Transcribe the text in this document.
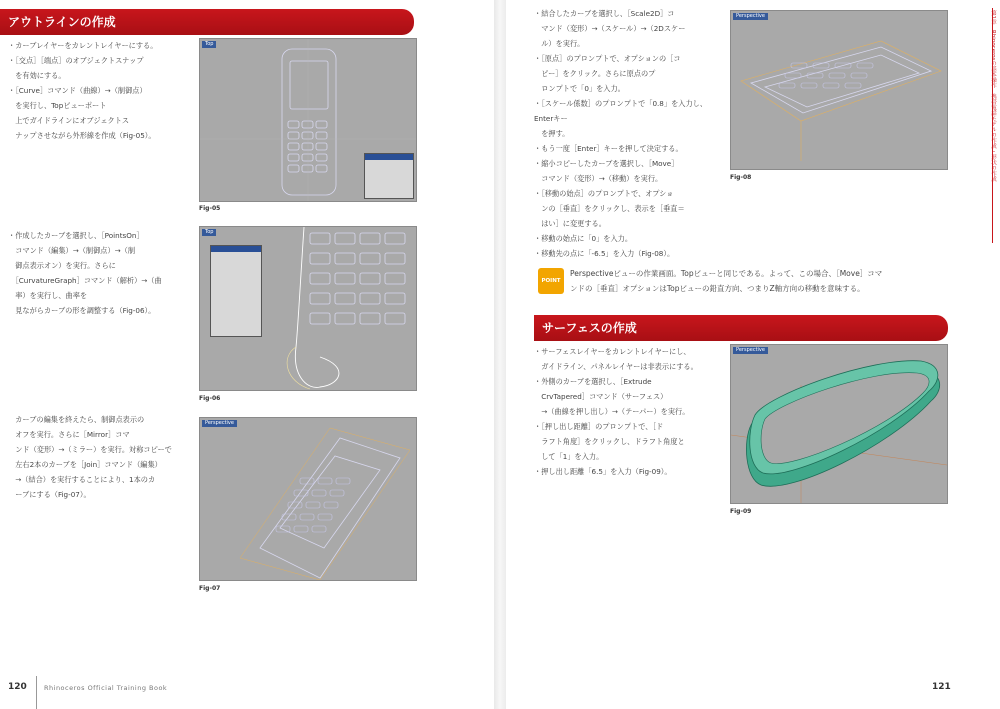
アウトラインの作成
・カーブレイヤーをカレントレイヤーにする。
・［交点］［端点］のオブジェクトスナップ
　を有効にする。
・［Curve］コマンド（曲線）→（制御点）
　を実行し、Topビューポート
　上でガイドラインにオブジェクトス
　ナップさせながら外形線を作成（Fig-05）。
・作成したカーブを選択し、［PointsOn］
　コマンド（編集）→（制御点）→（制
　御点表示オン）を実行。さらに
　［CurvatureGraph］コマンド（解析）→（曲
　率）を実行し、曲率を
　見ながらカーブの形を調整する（Fig-06）。
　カーブの編集を終えたら、制御点表示の
　オフを実行。さらに［Mirror］コマ
　ンド（変形）→（ミラー）を実行。対称コピーで
　左右2本のカーブを［Join］コマンド（編集）
　→（結合）を実行することにより、1本のカ
　ーブにする（Fig-07）。
Top
Fig-05
Top
Fig-06
Perspective
Fig-07
120	Rhinoceros Official Training Book
・結合したカーブを選択し、［Scale2D］コ
　マンド（変形）→（スケール）→（2Dスケー
　ル）を実行。
・［原点］のプロンプトで、オプションの［コ
　ピー］をクリック。さらに原点のプ
　ロンプトで「0」を入力。
・［スケール係数］のプロンプトで「0.8」を入力し、Enterキー
　を押す。
・もう一度［Enter］キーを押して決定する。
・縮小コピーしたカーブを選択し、［Move］
　コマンド（変形）→（移動）を実行。
・［移動の始点］のプロンプトで、オプショ
　ンの［垂直］をクリックし、表示を［垂直＝
　はい］に変更する。
・移動の始点に「0」を入力。
・移動先の点に「-6.5」を入力（Fig-08）。
Perspective
Fig-08
POINT
Perspectiveビューの作業画面。Topビューと同じである。よって、この場合、［Move］コマ
ンドの［垂直］オプションはTopビューの鉛直方向、つまりZ軸方向の移動を意味する。
サーフェスの作成
・サーフェスレイヤーをカレントレイヤーにし、
　ガイドライン、パネルレイヤーは非表示にする。
・外側のカーブを選択し、［Extrude
　CrvTapered］コマンド（サーフェス）
　→（曲線を押し出し）→（テーパー）を実行。
・［押し出し距離］のプロンプトで、［ド
　ラフト角度］をクリックし、ドラフト角度と
　して「1」を入力。
・押し出し距離「6.5」を入力（Fig-09）。
Perspective
Fig-09
121
第1章　Rhinocerosの基本操作　携帯電話モデルの作成・形状の作成
